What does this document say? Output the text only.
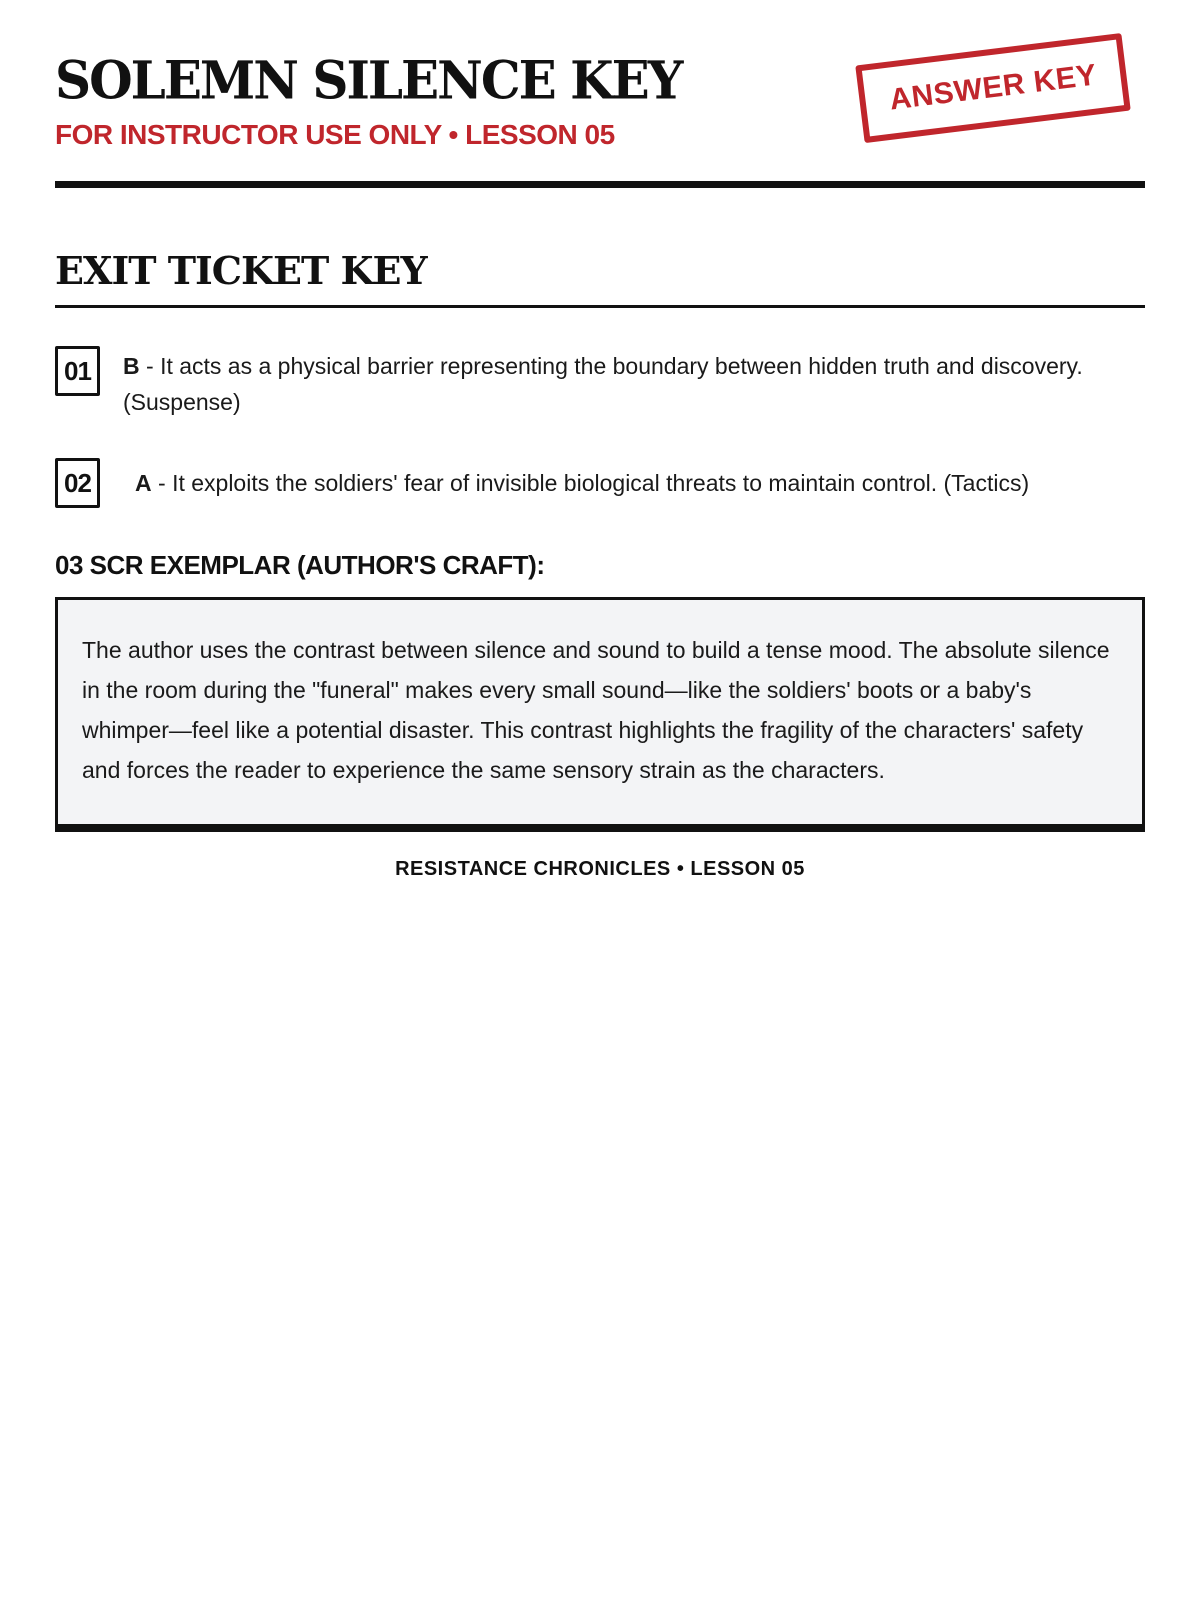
SOLEMN SILENCE KEY
FOR INSTRUCTOR USE ONLY • LESSON 05
ANSWER KEY
EXIT TICKET KEY
01	B - It acts as a physical barrier representing the boundary between hidden truth and discovery. (Suspense)
02	A - It exploits the soldiers' fear of invisible biological threats to maintain control. (Tactics)
03 SCR EXEMPLAR (AUTHOR'S CRAFT):
The author uses the contrast between silence and sound to build a tense mood. The absolute silence in the room during the "funeral" makes every small sound—like the soldiers' boots or a baby's whimper—feel like a potential disaster. This contrast highlights the fragility of the characters' safety and forces the reader to experience the same sensory strain as the characters.
RESISTANCE CHRONICLES • LESSON 05
